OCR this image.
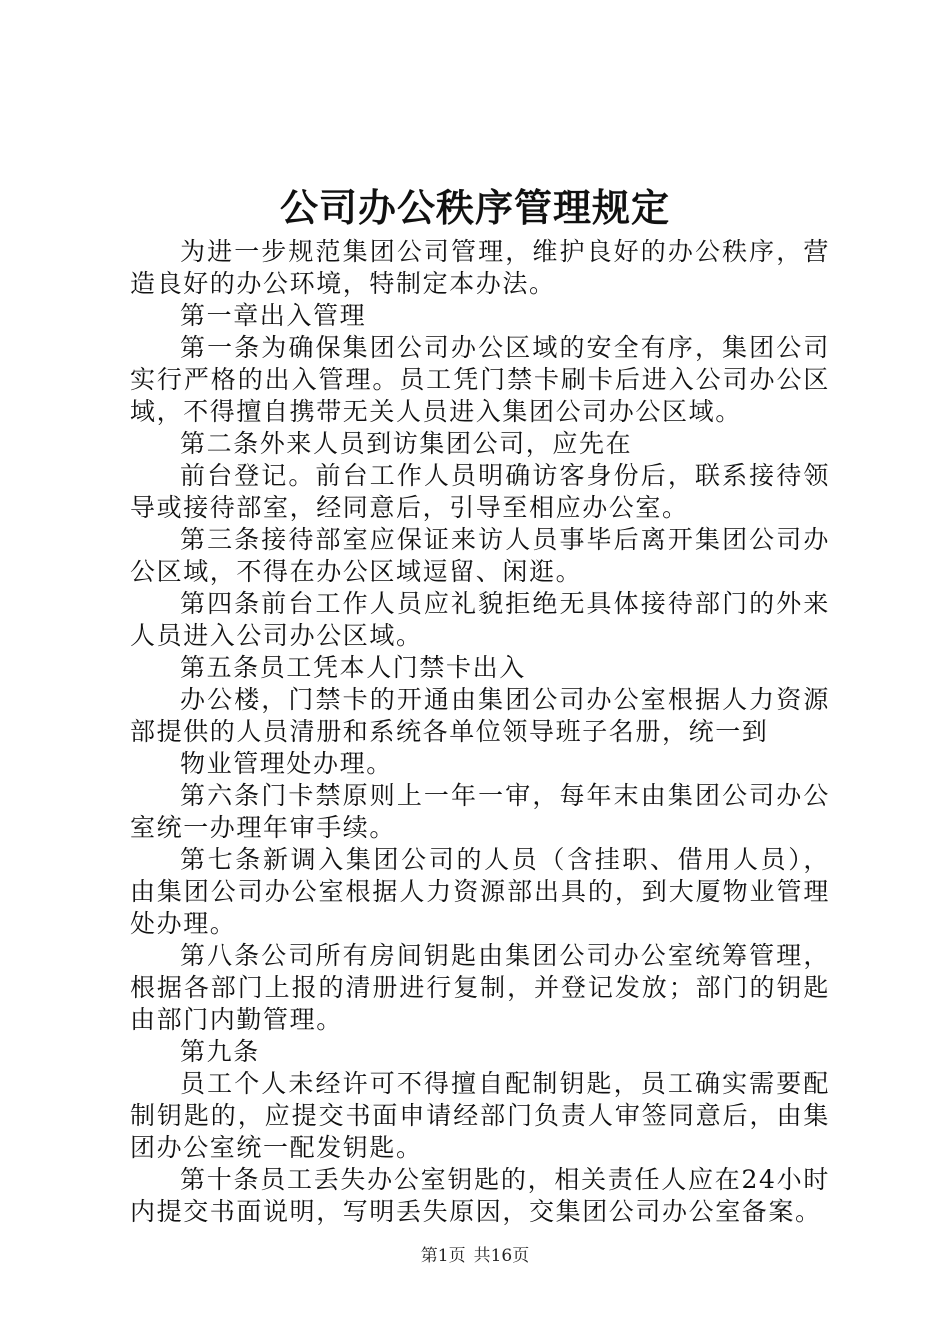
公司办公秩序管理规定

为进一步规范集团公司管理，维护良好的办公秩序，营造良好的办公环境，特制定本办法。

第一章出入管理

第一条为确保集团公司办公区域的安全有序，集团公司实行严格的出入管理。员工凭门禁卡刷卡后进入公司办公区域，不得擅自携带无关人员进入集团公司办公区域。

第二条外来人员到访集团公司，应先在

前台登记。前台工作人员明确访客身份后，联系接待领导或接待部室，经同意后，引导至相应办公室。

第三条接待部室应保证来访人员事毕后离开集团公司办公区域，不得在办公区域逗留、闲逛。

第四条前台工作人员应礼貌拒绝无具体接待部门的外来人员进入公司办公区域。

第五条员工凭本人门禁卡出入

办公楼，门禁卡的开通由集团公司办公室根据人力资源部提供的人员清册和系统各单位领导班子名册，统一到

物业管理处办理。

第六条门卡禁原则上一年一审，每年末由集团公司办公室统一办理年审手续。

第七条新调入集团公司的人员（含挂职、借用人员），由集团公司办公室根据人力资源部出具的，到大厦物业管理处办理。

第八条公司所有房间钥匙由集团公司办公室统筹管理，根据各部门上报的清册进行复制，并登记发放；部门的钥匙由部门内勤管理。

第九条

员工个人未经许可不得擅自配制钥匙，员工确实需要配制钥匙的，应提交书面申请经部门负责人审签同意后，由集团办公室统一配发钥匙。

第十条员工丢失办公室钥匙的，相关责任人应在24小时内提交书面说明，写明丢失原因，交集团公司办公室备案。

第1页 共16页
